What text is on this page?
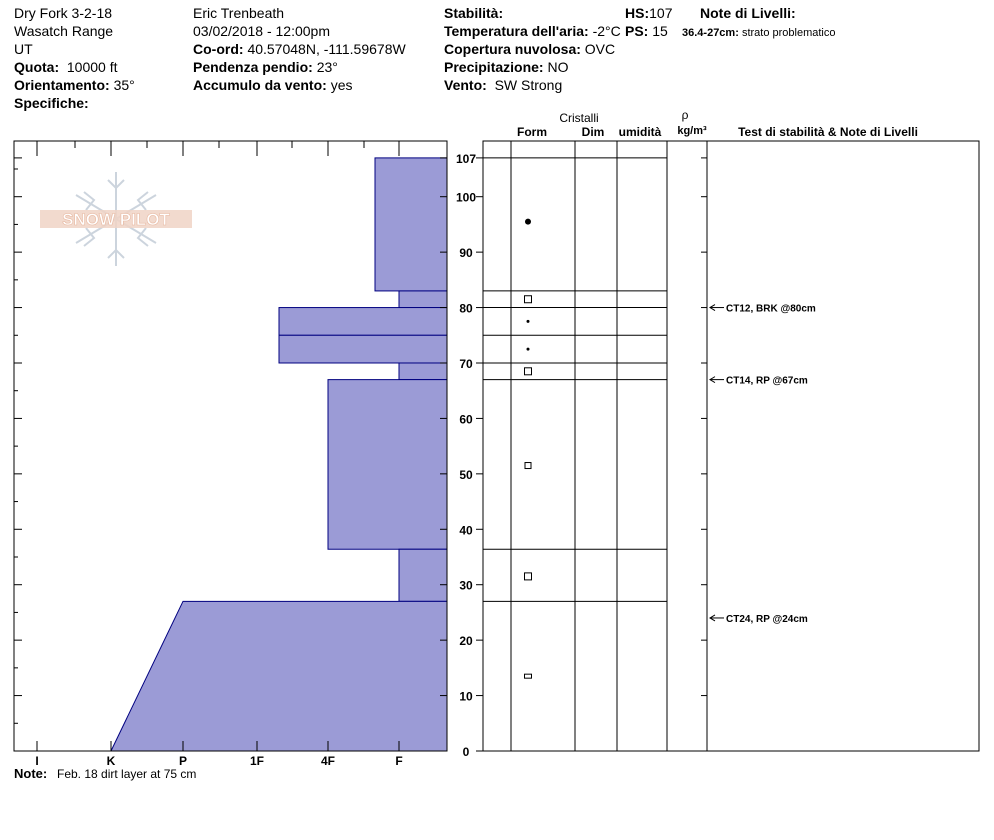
Dry Fork 3-2-18
Wasatch Range
UT
Quota: 10000 ft
Orientamento: 35°
Specifiche:
Eric Trenbeath
03/02/2018 - 12:00pm
Co-ord: 40.57048N, -111.59678W
Pendenza pendio: 23°
Accumulo da vento: yes
Stabilità:
Temperatura dell'aria: -2°C
Copertura nuvolosa: OVC
Precipitazione: NO
Vento: SW Strong
HS:107
PS: 15
Note di Livelli:
36.4-27cm: strato problematico
SNOW PILOT
I	K	P	1F	4F	F
0
10
20
30
40
50
60
70
80
90
100
107
CT12, BRK @80cm
CT14, RP @67cm
CT24, RP @24cm
Cristalli
Form	Dim umidità
ρ
kg/m³	Test di stabilità & Note di Livelli
Note: Feb. 18 dirt layer at 75 cm
